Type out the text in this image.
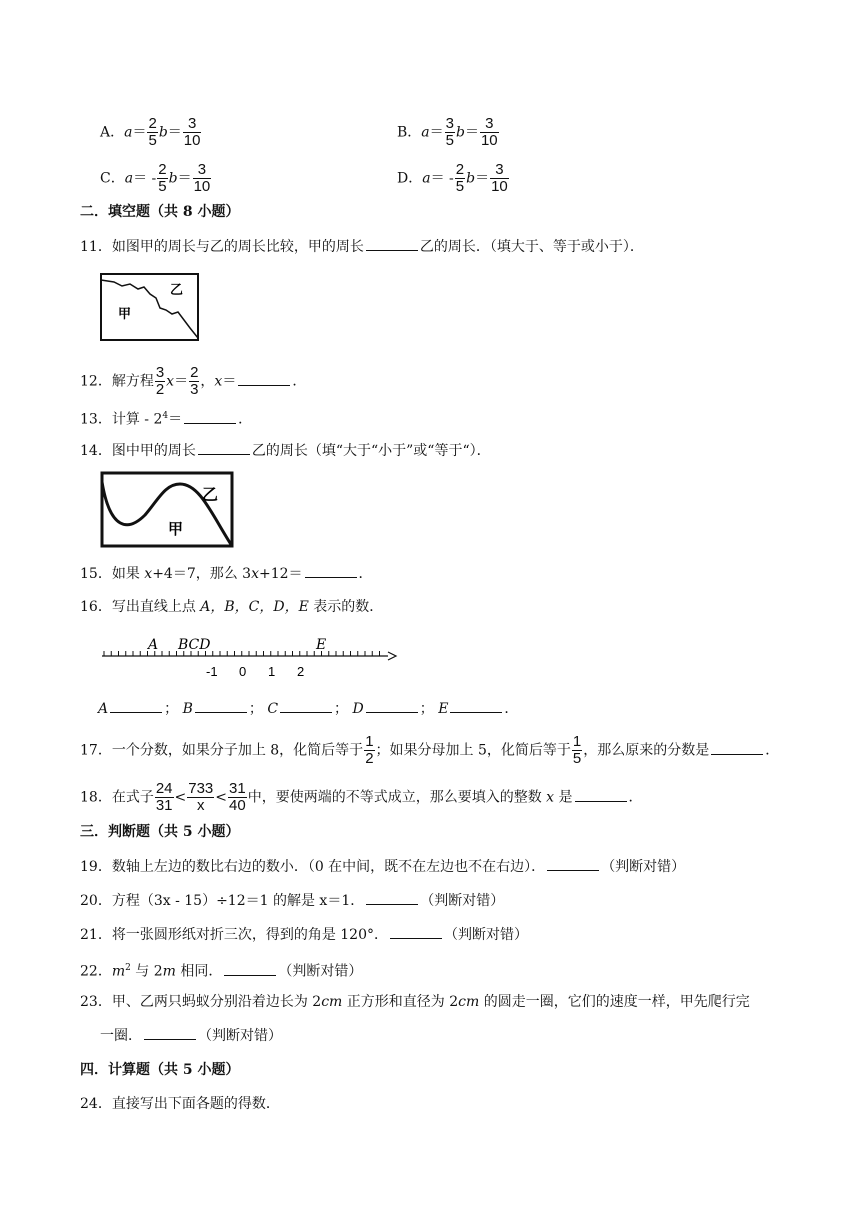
A．$a= \frac{2}{5} b= \frac{3}{10}$	B．$a= \frac{3}{5} b= \frac{3}{10}$
C．$a= - \frac{2}{5} b= \frac{3}{10}$	D．$a= - \frac{2}{5} b= \frac{3}{10}$
二．填空题（共 8 小题）
11．如图甲的周长与乙的周长比较，甲的周长	乙的周长．（填大于、等于或小于）．
乙
甲
12．解方程 $\frac{3}{2} x= \frac{2}{3}$ ，x＝	．
13．计算 - $2^4=$	．
14．图中甲的周长	乙的周长（填“大于“小于”或“等于“）．
乙
甲
15．如果 x+4＝7，那么 3x+12＝	．
16．写出直线上点 A，B，C，D，E 表示的数．
A BCD	E
-1 0 1 2
A	； B	； C	； D	； E	．
17．一个分数，如果分子加上 8，化简后等于 $\frac{1}{2}$ ；如果分母加上 5，化简后等于 $\frac{1}{5}$ ，那么原来的分数是	．
18．在式子 $\frac{24}{31} < \frac{733}{x} < \frac{31}{40}$ 中，要使两端的不等式成立，那么要填入的整数 x 是	．
三．判断题（共 5 小题）
19．数轴上左边的数比右边的数小．（0 在中间，既不在左边也不在右边）．	（判断对错）
20．方程（3x - 15）÷12＝1 的解是 x＝1．	（判断对错）
21．将一张圆形纸对折三次，得到的角是 120°．	（判断对错）
22．$m^2$ 与 2m 相同．	（判断对错）
23．甲、乙两只蚂蚁分别沿着边长为 2cm 正方形和直径为 2cm 的圆走一圈，它们的速度一样，甲先爬行完
一圈．	（判断对错）
四．计算题（共 5 小题）
24．直接写出下面各题的得数．
